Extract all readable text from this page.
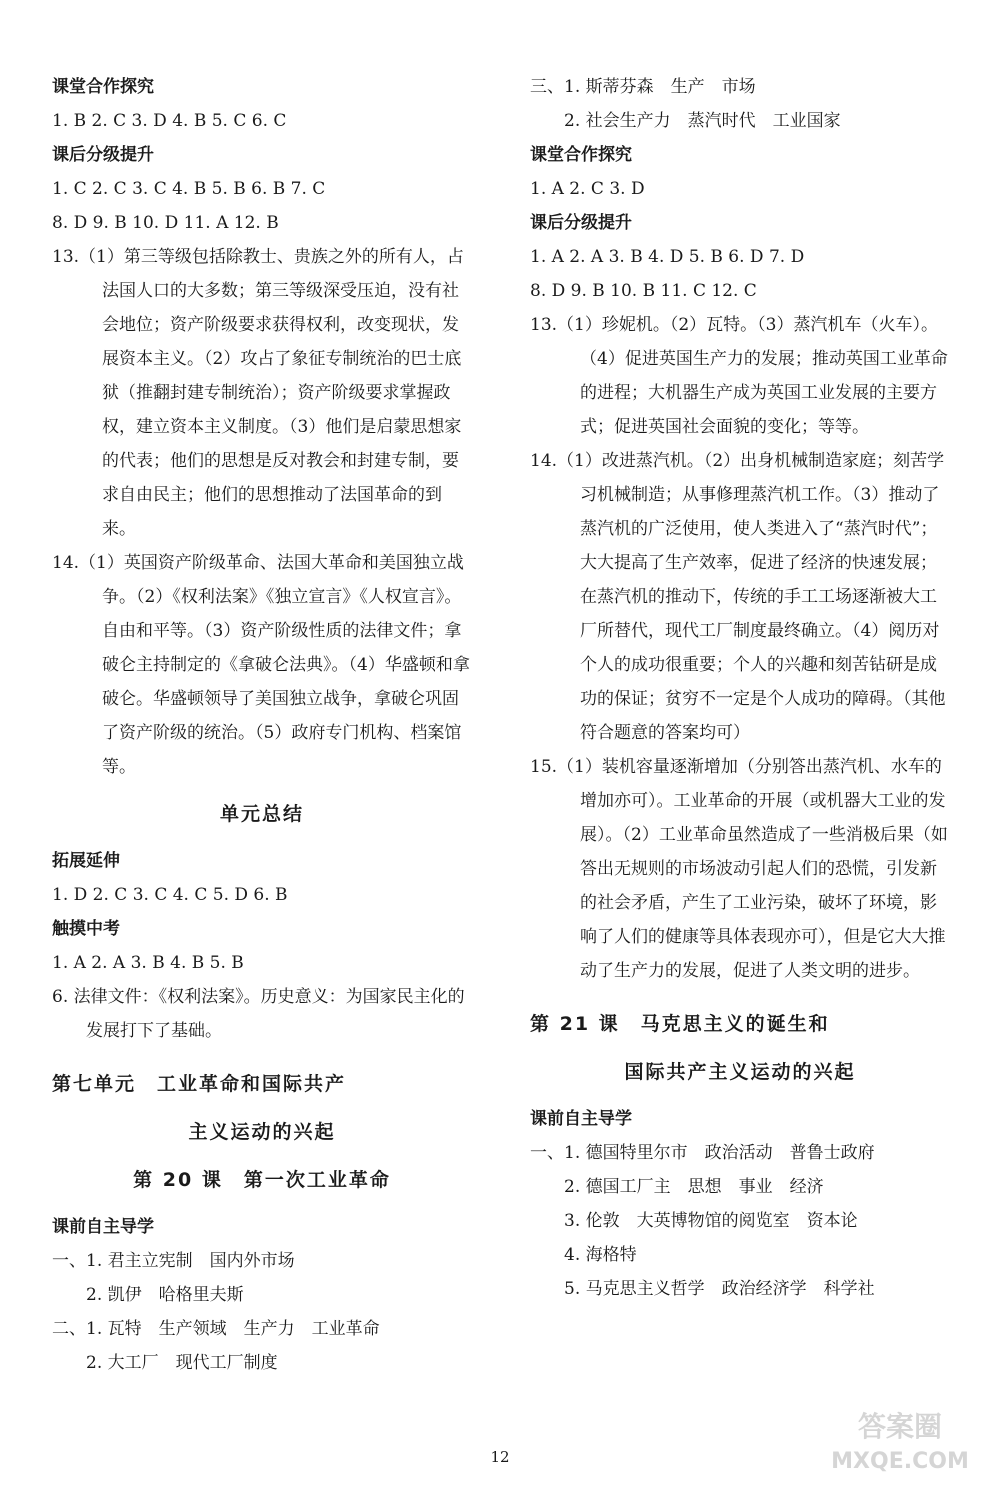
课堂合作探究
1. B 2. C 3. D 4. B 5. C 6. C
课后分级提升
1. C 2. C 3. C 4. B 5. B 6. B 7. C
8. D 9. B 10. D 11. A 12. B
13.（1）第三等级包括除教士、贵族之外的所有人，占法国人口的大多数；第三等级深受压迫，没有社会地位；资产阶级要求获得权利，改变现状，发展资本主义。（2）攻占了象征专制统治的巴士底狱（推翻封建专制统治）；资产阶级要求掌握政权，建立资本主义制度。（3）他们是启蒙思想家的代表；他们的思想是反对教会和封建专制，要求自由民主；他们的思想推动了法国革命的到来。
14.（1）英国资产阶级革命、法国大革命和美国独立战争。（2）《权利法案》《独立宣言》《人权宣言》。自由和平等。（3）资产阶级性质的法律文件；拿破仑主持制定的《拿破仑法典》。（4）华盛顿和拿破仑。华盛顿领导了美国独立战争，拿破仑巩固了资产阶级的统治。（5）政府专门机构、档案馆等。
单元总结
拓展延伸
1. D 2. C 3. C 4. C 5. D 6. B
触摸中考
1. A 2. A 3. B 4. B 5. B
6. 法律文件：《权利法案》。历史意义：为国家民主化的发展打下了基础。
第七单元　工业革命和国际共产
主义运动的兴起
第 20 课　第一次工业革命
课前自主导学
一、1. 君主立宪制　国内外市场
2. 凯伊　哈格里夫斯
二、1. 瓦特　生产领域　生产力　工业革命
2. 大工厂　现代工厂制度
三、1. 斯蒂芬森　生产　市场
2. 社会生产力　蒸汽时代　工业国家
课堂合作探究
1. A 2. C 3. D
课后分级提升
1. A 2. A 3. B 4. D 5. B 6. D 7. D
8. D 9. B 10. B 11. C 12. C
13.（1）珍妮机。（2）瓦特。（3）蒸汽机车（火车）。（4）促进英国生产力的发展；推动英国工业革命的进程；大机器生产成为英国工业发展的主要方式；促进英国社会面貌的变化；等等。
14.（1）改进蒸汽机。（2）出身机械制造家庭；刻苦学习机械制造；从事修理蒸汽机工作。（3）推动了蒸汽机的广泛使用，使人类进入了“蒸汽时代”；大大提高了生产效率，促进了经济的快速发展；在蒸汽机的推动下，传统的手工工场逐渐被大工厂所替代，现代工厂制度最终确立。（4）阅历对个人的成功很重要；个人的兴趣和刻苦钻研是成功的保证；贫穷不一定是个人成功的障碍。（其他符合题意的答案均可）
15.（1）装机容量逐渐增加（分别答出蒸汽机、水车的增加亦可）。工业革命的开展（或机器大工业的发展）。（2）工业革命虽然造成了一些消极后果（如答出无规则的市场波动引起人们的恐慌，引发新的社会矛盾，产生了工业污染，破坏了环境，影响了人们的健康等具体表现亦可），但是它大大推动了生产力的发展，促进了人类文明的进步。
第 21 课　马克思主义的诞生和
国际共产主义运动的兴起
课前自主导学
一、1. 德国特里尔市　政治活动　普鲁士政府
2. 德国工厂主　思想　事业　经济
3. 伦敦　大英博物馆的阅览室　资本论
4. 海格特
5. 马克思主义哲学　政治经济学　科学社
12
答案圈
MXQE.COM
